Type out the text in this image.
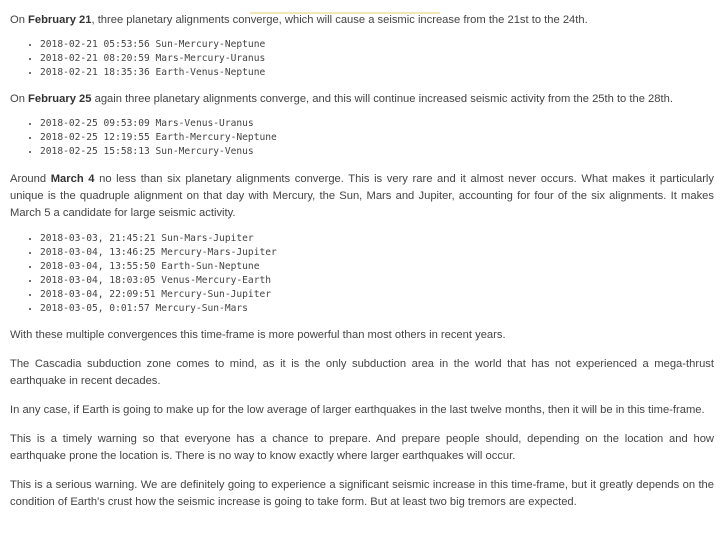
On February 21, three planetary alignments converge, which will cause a seismic increase from the 21st to the 24th.

• 2018-02-21 05:53:56 Sun-Mercury-Neptune
• 2018-02-21 08:20:59 Mars-Mercury-Uranus
• 2018-02-21 18:35:36 Earth-Venus-Neptune

On February 25 again three planetary alignments converge, and this will continue increased seismic activity from the 25th to the 28th.

• 2018-02-25 09:53:09 Mars-Venus-Uranus
• 2018-02-25 12:19:55 Earth-Mercury-Neptune
• 2018-02-25 15:58:13 Sun-Mercury-Venus

Around March 4 no less than six planetary alignments converge. This is very rare and it almost never occurs. What makes it particularly unique is the quadruple alignment on that day with Mercury, the Sun, Mars and Jupiter, accounting for four of the six alignments. It makes March 5 a candidate for large seismic activity.

• 2018-03-03, 21:45:21 Sun-Mars-Jupiter
• 2018-03-04, 13:46:25 Mercury-Mars-Jupiter
• 2018-03-04, 13:55:50 Earth-Sun-Neptune
• 2018-03-04, 18:03:05 Venus-Mercury-Earth
• 2018-03-04, 22:09:51 Mercury-Sun-Jupiter
• 2018-03-05, 0:01:57 Mercury-Sun-Mars

With these multiple convergences this time-frame is more powerful than most others in recent years.

The Cascadia subduction zone comes to mind, as it is the only subduction area in the world that has not experienced a mega-thrust earthquake in recent decades.

In any case, if Earth is going to make up for the low average of larger earthquakes in the last twelve months, then it will be in this time-frame.

This is a timely warning so that everyone has a chance to prepare. And prepare people should, depending on the location and how earthquake prone the location is. There is no way to know exactly where larger earthquakes will occur.

This is a serious warning. We are definitely going to experience a significant seismic increase in this time-frame, but it greatly depends on the condition of Earth's crust how the seismic increase is going to take form. But at least two big tremors are expected.
